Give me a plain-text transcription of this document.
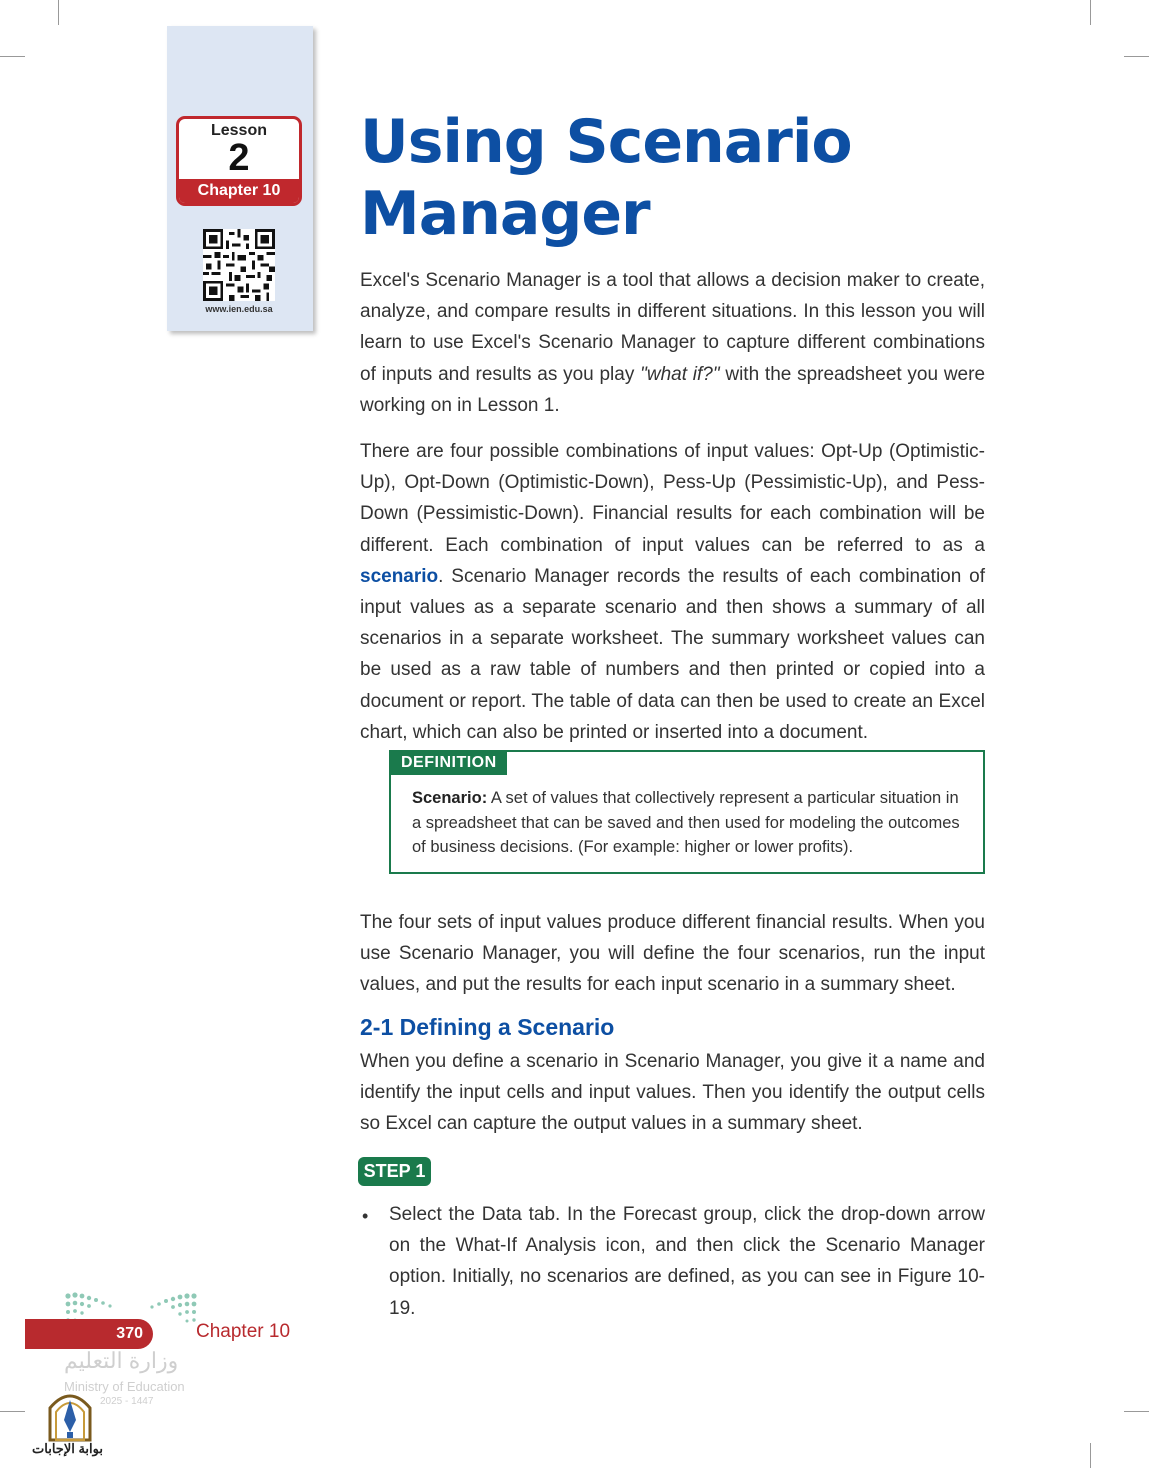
Lesson
2
Chapter 10
www.ien.edu.sa
Using Scenario
Manager

Excel's Scenario Manager is a tool that allows a decision maker to create, analyze, and compare results in different situations. In this lesson you will learn to use Excel's Scenario Manager to capture different combinations of inputs and results as you play "what if?" with the spreadsheet you were working on in Lesson 1.

There are four possible combinations of input values: Opt-Up (Optimistic-Up), Opt-Down (Optimistic-Down), Pess-Up (Pessimistic-Up), and Pess-Down (Pessimistic-Down). Financial results for each combination will be different. Each combination of input values can be referred to as a scenario. Scenario Manager records the results of each combination of input values as a separate scenario and then shows a summary of all scenarios in a separate worksheet. The summary worksheet values can be used as a raw table of numbers and then printed or copied into a document or report. The table of data can then be used to create an Excel chart, which can also be printed or inserted into a document.

DEFINITION
Scenario: A set of values that collectively represent a particular situation in a spreadsheet that can be saved and then used for modeling the outcomes of business decisions. (For example: higher or lower profits).

The four sets of input values produce different financial results. When you use Scenario Manager, you will define the four scenarios, run the input values, and put the results for each input scenario in a summary sheet.

2-1 Defining a Scenario

When you define a scenario in Scenario Manager, you give it a name and identify the input cells and input values. Then you identify the output cells so Excel can capture the output values in a summary sheet.

STEP 1
• Select the Data tab. In the Forecast group, click the drop-down arrow on the What-If Analysis icon, and then click the Scenario Manager option. Initially, no scenarios are defined, as you can see in Figure 10-19.
370	Chapter 10
وزارة التعليم
Ministry of Education
2025 - 1447
بوابة الإجابات
